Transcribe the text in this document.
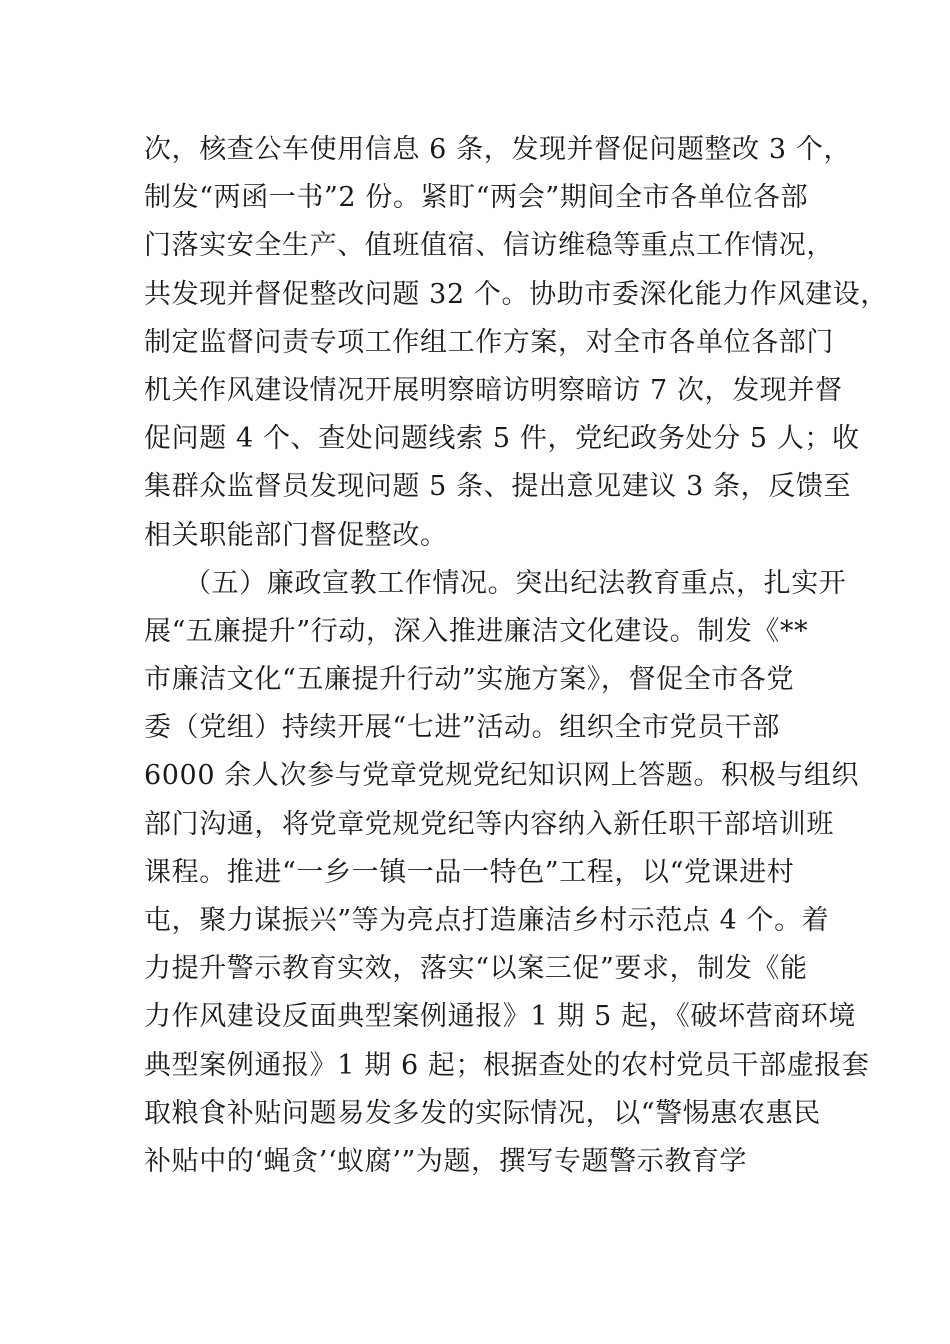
次，核查公车使用信息 6 条，发现并督促问题整改 3 个，
制发“两函一书”2 份。紧盯“两会”期间全市各单位各部
门落实安全生产、值班值宿、信访维稳等重点工作情况，
共发现并督促整改问题 32 个。协助市委深化能力作风建设，
制定监督问责专项工作组工作方案，对全市各单位各部门
机关作风建设情况开展明察暗访明察暗访 7 次，发现并督
促问题 4 个、查处问题线索 5 件，党纪政务处分 5 人；收
集群众监督员发现问题 5 条、提出意见建议 3 条，反馈至
相关职能部门督促整改。
（五）廉政宣教工作情况。突出纪法教育重点，扎实开
展“五廉提升”行动，深入推进廉洁文化建设。制发《**
市廉洁文化“五廉提升行动”实施方案》，督促全市各党
委（党组）持续开展“七进”活动。组织全市党员干部
6000 余人次参与党章党规党纪知识网上答题。积极与组织
部门沟通，将党章党规党纪等内容纳入新任职干部培训班
课程。推进“一乡一镇一品一特色”工程，以“党课进村
屯，聚力谋振兴”等为亮点打造廉洁乡村示范点 4 个。着
力提升警示教育实效，落实“以案三促”要求，制发《能
力作风建设反面典型案例通报》1 期 5 起，《破坏营商环境
典型案例通报》1 期 6 起；根据查处的农村党员干部虚报套
取粮食补贴问题易发多发的实际情况，以“警惕惠农惠民
补贴中的‘蝇贪’‘蚁腐’”为题，撰写专题警示教育学
